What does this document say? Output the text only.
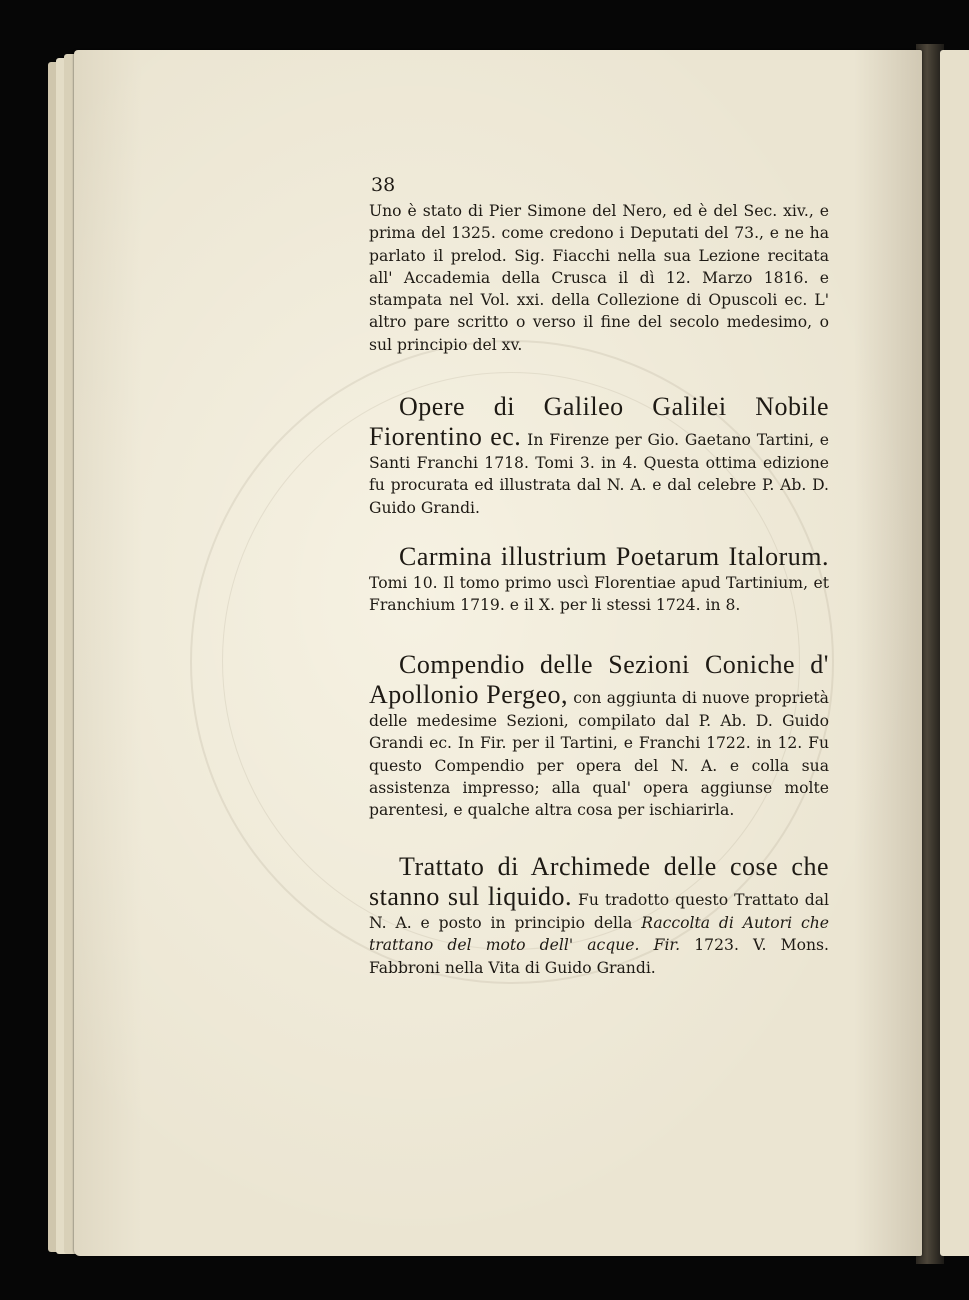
38
Uno è stato di Pier Simone del Nero, ed è del Sec. xiv., e prima del 1325. come credono i Deputati del 73., e ne ha parlato il prelod. Sig. Fiacchi nella sua Lezione recitata all' Accademia della Crusca il dì 12. Marzo 1816. e stampata nel Vol. xxi. della Collezione di Opuscoli ec. L' altro pare scritto o verso il fine del secolo medesimo, o sul principio del xv.
Opere di Galileo Galilei Nobile Fiorentino ec. In Firenze per Gio. Gaetano Tartini, e Santi Franchi 1718. Tomi 3. in 4. Questa ottima edizione fu procurata ed illustrata dal N. A. e dal celebre P. Ab. D. Guido Grandi.
Carmina illustrium Poetarum Italorum. Tomi 10. Il tomo primo uscì Florentiae apud Tartinium, et Franchium 1719. e il X. per li stessi 1724. in 8.
Compendio delle Sezioni Coniche d' Apollonio Pergeo, con aggiunta di nuove proprietà delle medesime Sezioni, compilato dal P. Ab. D. Guido Grandi ec. In Fir. per il Tartini, e Franchi 1722. in 12. Fu questo Compendio per opera del N. A. e colla sua assistenza impresso; alla qual' opera aggiunse molte parentesi, e qualche altra cosa per ischiarirla.
Trattato di Archimede delle cose che stanno sul liquido. Fu tradotto questo Trattato dal N. A. e posto in principio della Raccolta di Autori che trattano del moto dell' acque. Fir. 1723. V. Mons. Fabbroni nella Vita di Guido Grandi.
